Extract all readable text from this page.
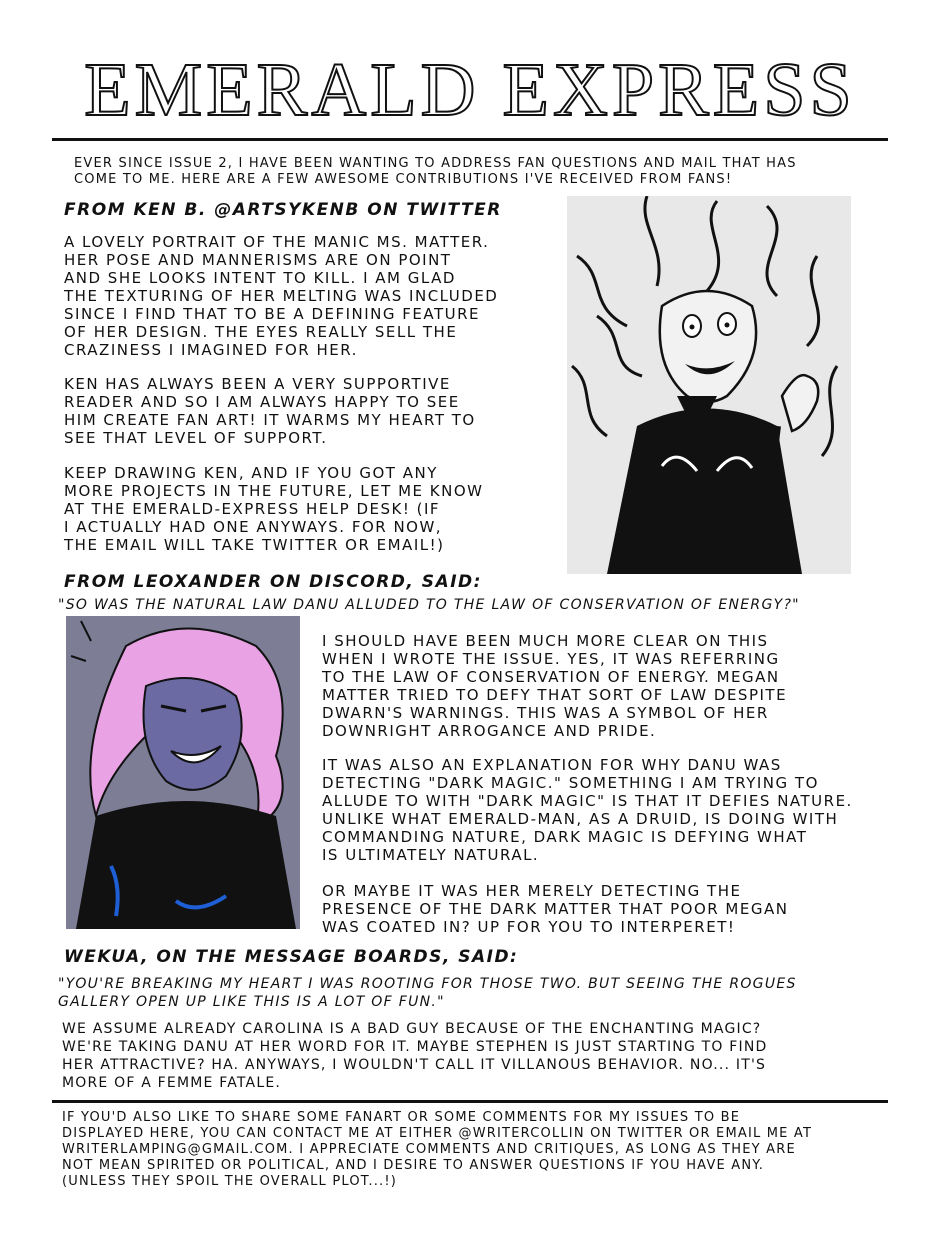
EMERALD EXPRESS
EVER SINCE ISSUE 2, I HAVE BEEN WANTING TO ADDRESS FAN QUESTIONS AND MAIL THAT HAS
COME TO ME. HERE ARE A FEW AWESOME CONTRIBUTIONS I'VE RECEIVED FROM FANS!
FROM KEN B. @ARTSYKENB ON TWITTER
A LOVELY PORTRAIT OF THE MANIC MS. MATTER.
HER POSE AND MANNERISMS ARE ON POINT
AND SHE LOOKS INTENT TO KILL. I AM GLAD
THE TEXTURING OF HER MELTING WAS INCLUDED
SINCE I FIND THAT TO BE A DEFINING FEATURE
OF HER DESIGN. THE EYES REALLY SELL THE
CRAZINESS I IMAGINED FOR HER.
KEN HAS ALWAYS BEEN A VERY SUPPORTIVE
READER AND SO I AM ALWAYS HAPPY TO SEE
HIM CREATE FAN ART! IT WARMS MY HEART TO
SEE THAT LEVEL OF SUPPORT.
KEEP DRAWING KEN, AND IF YOU GOT ANY
MORE PROJECTS IN THE FUTURE, LET ME KNOW
AT THE EMERALD-EXPRESS HELP DESK! (IF
I ACTUALLY HAD ONE ANYWAYS. FOR NOW,
THE EMAIL WILL TAKE TWITTER OR EMAIL!)
FROM LEOXANDER ON DISCORD, SAID:
"SO WAS THE NATURAL LAW DANU ALLUDED TO THE LAW OF CONSERVATION OF ENERGY?"
I SHOULD HAVE BEEN MUCH MORE CLEAR ON THIS
WHEN I WROTE THE ISSUE. YES, IT WAS REFERRING
TO THE LAW OF CONSERVATION OF ENERGY. MEGAN
MATTER TRIED TO DEFY THAT SORT OF LAW DESPITE
DWARN'S WARNINGS. THIS WAS A SYMBOL OF HER
DOWNRIGHT ARROGANCE AND PRIDE.
IT WAS ALSO AN EXPLANATION FOR WHY DANU WAS
DETECTING "DARK MAGIC." SOMETHING I AM TRYING TO
ALLUDE TO WITH "DARK MAGIC" IS THAT IT DEFIES NATURE.
UNLIKE WHAT EMERALD-MAN, AS A DRUID, IS DOING WITH
COMMANDING NATURE, DARK MAGIC IS DEFYING WHAT
IS ULTIMATELY NATURAL.
OR MAYBE IT WAS HER MERELY DETECTING THE
PRESENCE OF THE DARK MATTER THAT POOR MEGAN
WAS COATED IN? UP FOR YOU TO INTERPERET!
WEKUA, ON THE MESSAGE BOARDS, SAID:
"YOU'RE BREAKING MY HEART I WAS ROOTING FOR THOSE TWO. BUT SEEING THE ROGUES
GALLERY OPEN UP LIKE THIS IS A LOT OF FUN."
WE ASSUME ALREADY CAROLINA IS A BAD GUY BECAUSE OF THE ENCHANTING MAGIC?
WE'RE TAKING DANU AT HER WORD FOR IT. MAYBE STEPHEN IS JUST STARTING TO FIND
HER ATTRACTIVE? HA. ANYWAYS, I WOULDN'T CALL IT VILLANOUS BEHAVIOR. NO... IT'S
MORE OF A FEMME FATALE.
IF YOU'D ALSO LIKE TO SHARE SOME FANART OR SOME COMMENTS FOR MY ISSUES TO BE
DISPLAYED HERE, YOU CAN CONTACT ME AT EITHER @WRITERCOLLIN ON TWITTER OR EMAIL ME AT
WRITERLAMPING@GMAIL.COM. I APPRECIATE COMMENTS AND CRITIQUES, AS LONG AS THEY ARE
NOT MEAN SPIRITED OR POLITICAL, AND I DESIRE TO ANSWER QUESTIONS IF YOU HAVE ANY.
(UNLESS THEY SPOIL THE OVERALL PLOT...!)
